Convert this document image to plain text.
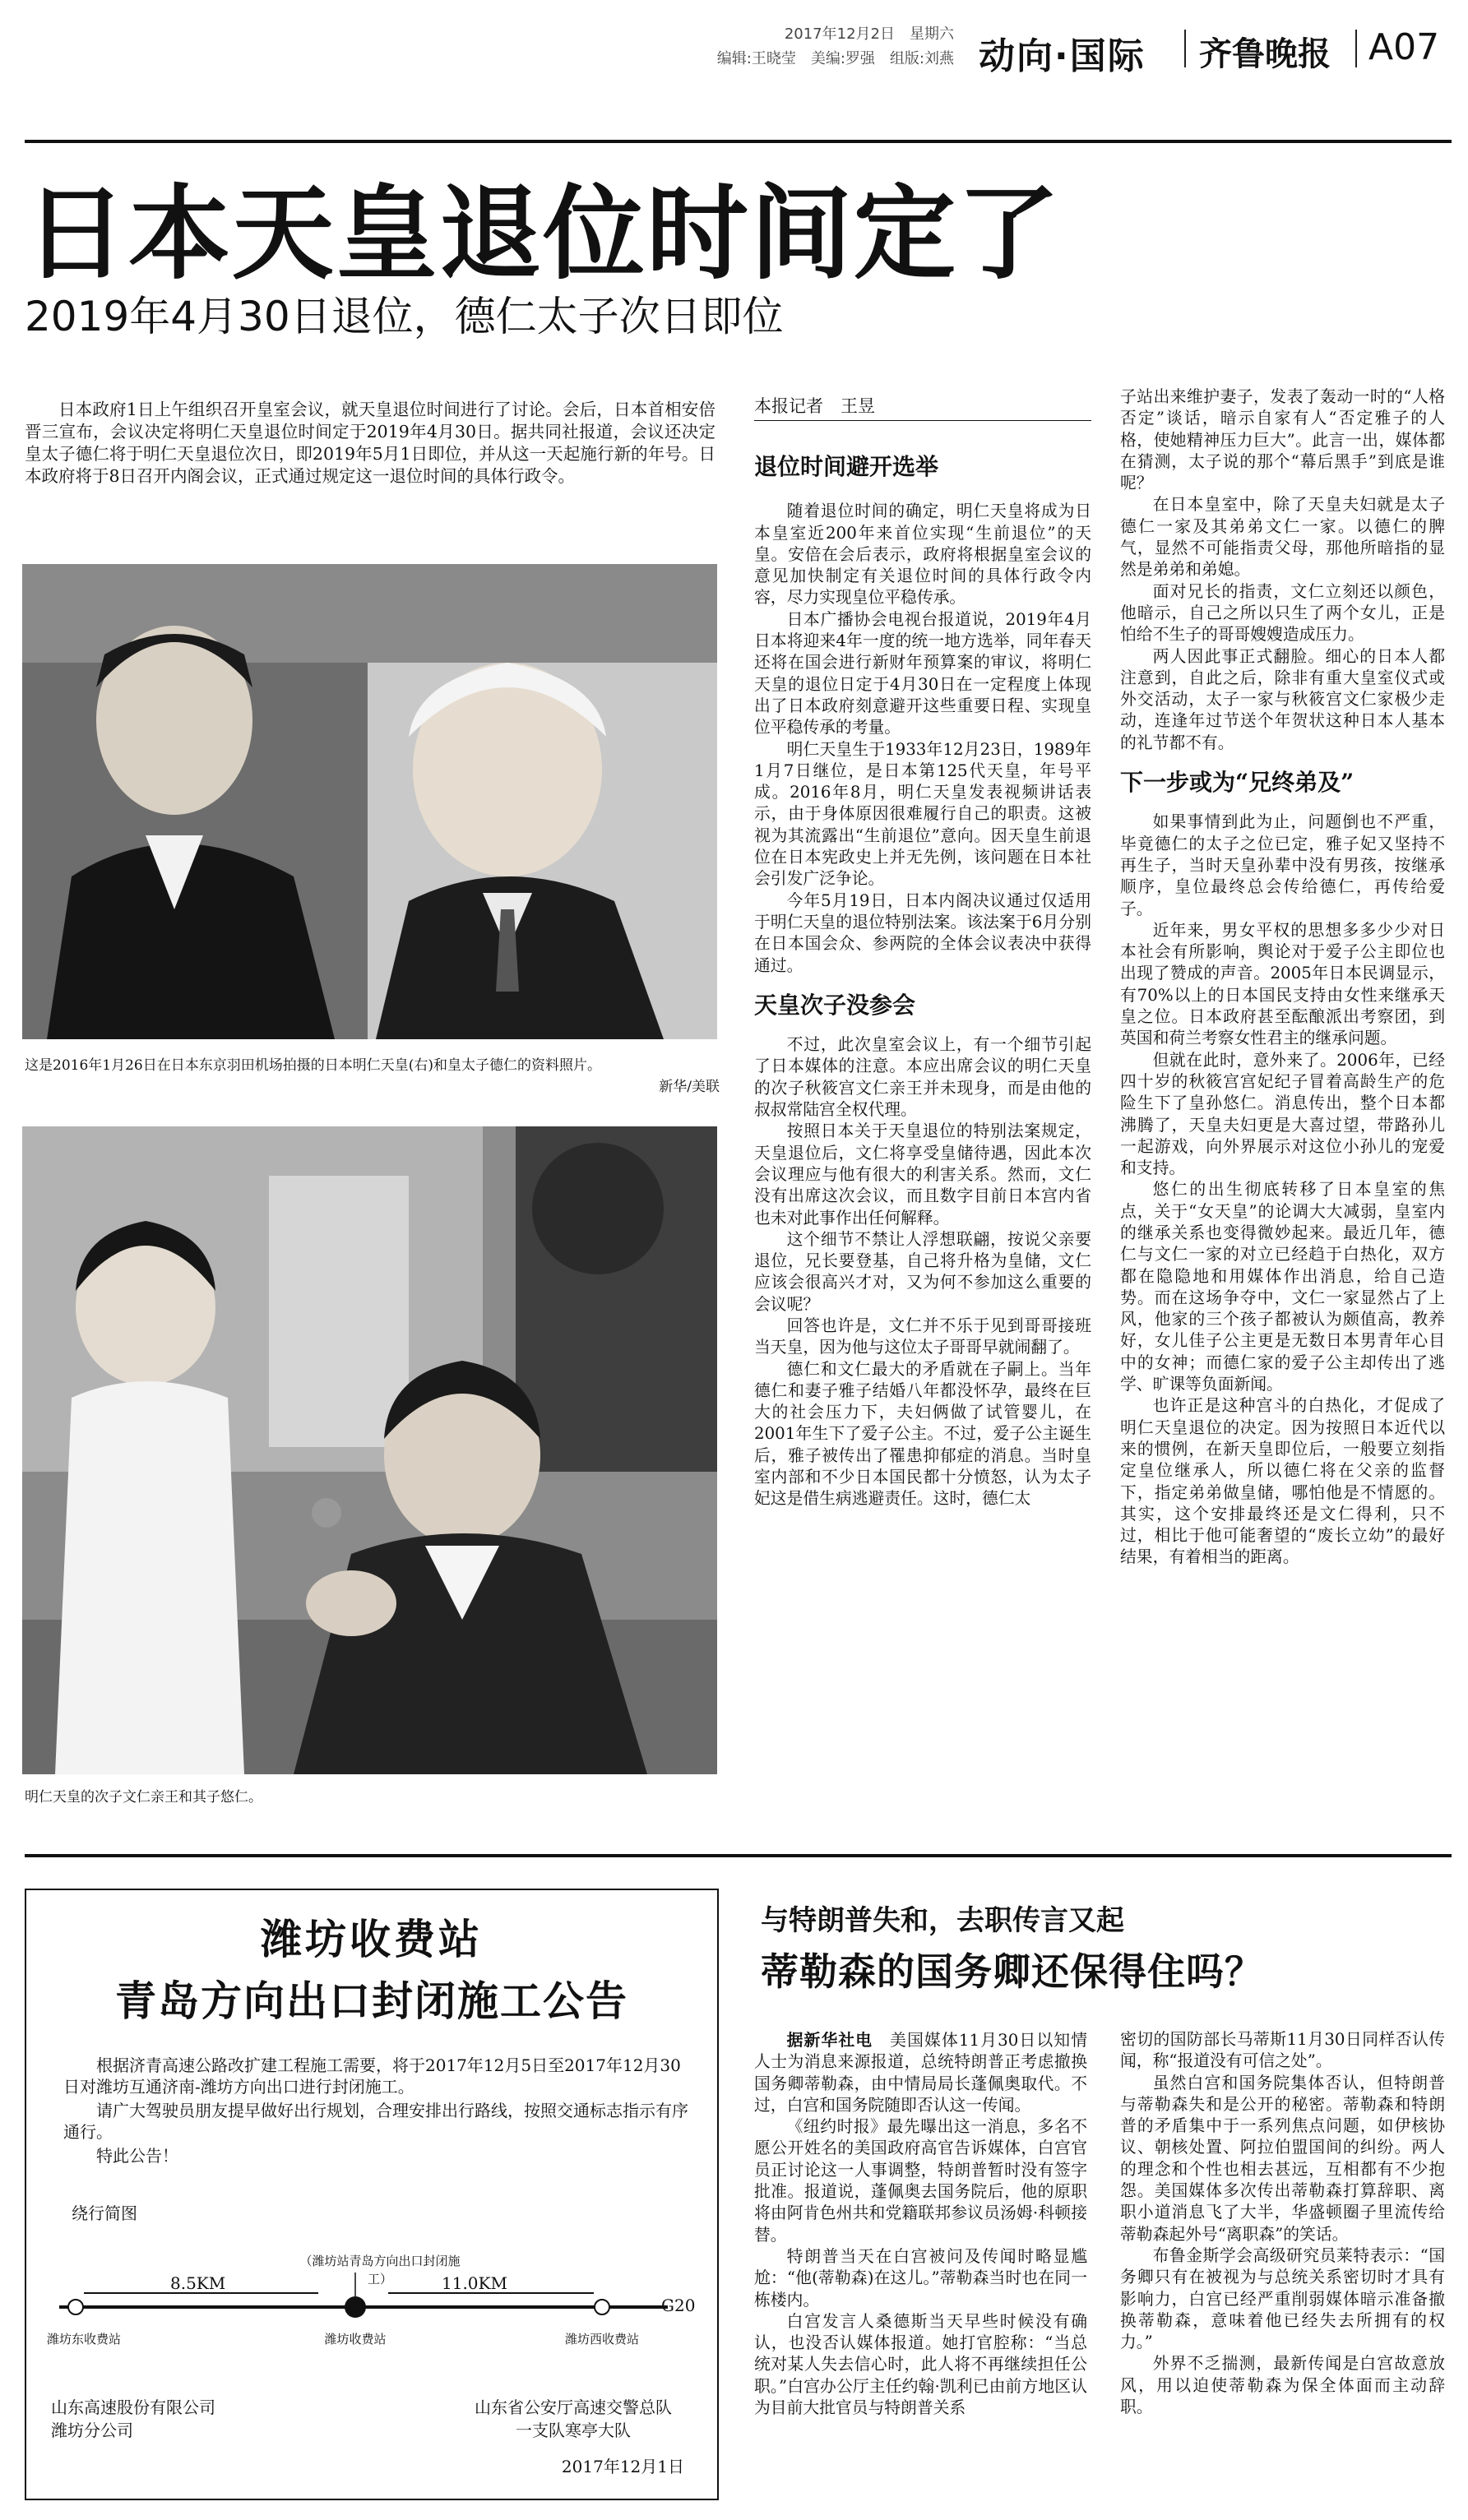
2017年12月2日　星期六
编辑:王晓莹　美编:罗强　组版:刘燕 动向·国际 齐鲁晚报 A07
日本天皇退位时间定了
2019年4月30日退位，德仁太子次日即位
日本政府1日上午组织召开皇室会议，就天皇退位时间进行了讨论。会后，日本首相安倍晋三宣布，会议决定将明仁天皇退位时间定于2019年4月30日。据共同社报道，会议还决定皇太子德仁将于明仁天皇退位次日，即2019年5月1日即位，并从这一天起施行新的年号。日本政府将于8日召开内阁会议，正式通过规定这一退位时间的具体行政令。
这是2016年1月26日在日本东京羽田机场拍摄的日本明仁天皇(右)和皇太子德仁的资料照片。
新华/美联
明仁天皇的次子文仁亲王和其子悠仁。
本报记者　王昱
退位时间避开选举

随着退位时间的确定，明仁天皇将成为日本皇室近200年来首位实现“生前退位”的天皇。安倍在会后表示，政府将根据皇室会议的意见加快制定有关退位时间的具体行政令内容，尽力实现皇位平稳传承。

日本广播协会电视台报道说，2019年4月日本将迎来4年一度的统一地方选举，同年春天还将在国会进行新财年预算案的审议，将明仁天皇的退位日定于4月30日在一定程度上体现出了日本政府刻意避开这些重要日程、实现皇位平稳传承的考量。

明仁天皇生于1933年12月23日，1989年1月7日继位，是日本第125代天皇，年号平成。2016年8月，明仁天皇发表视频讲话表示，由于身体原因很难履行自己的职责。这被视为其流露出“生前退位”意向。因天皇生前退位在日本宪政史上并无先例，该问题在日本社会引发广泛争论。

今年5月19日，日本内阁决议通过仅适用于明仁天皇的退位特别法案。该法案于6月分别在日本国会众、参两院的全体会议表决中获得通过。

天皇次子没参会

不过，此次皇室会议上，有一个细节引起了日本媒体的注意。本应出席会议的明仁天皇的次子秋筱宫文仁亲王并未现身，而是由他的叔叔常陆宫全权代理。

按照日本关于天皇退位的特别法案规定，天皇退位后，文仁将享受皇储待遇，因此本次会议理应与他有很大的利害关系。然而，文仁没有出席这次会议，而且数字目前日本宫内省也未对此事作出任何解释。

这个细节不禁让人浮想联翩，按说父亲要退位，兄长要登基，自己将升格为皇储，文仁应该会很高兴才对，又为何不参加这么重要的会议呢？

回答也许是，文仁并不乐于见到哥哥接班当天皇，因为他与这位太子哥哥早就闹翻了。

德仁和文仁最大的矛盾就在子嗣上。当年德仁和妻子雅子结婚八年都没怀孕，最终在巨大的社会压力下，夫妇俩做了试管婴儿，在2001年生下了爱子公主。不过，爱子公主诞生后，雅子被传出了罹患抑郁症的消息。当时皇室内部和不少日本国民都十分愤怒，认为太子妃这是借生病逃避责任。这时，德仁太

子站出来维护妻子，发表了轰动一时的“人格否定”谈话，暗示自家有人“否定雅子的人格，使她精神压力巨大”。此言一出，媒体都在猜测，太子说的那个“幕后黑手”到底是谁呢？

在日本皇室中，除了天皇夫妇就是太子德仁一家及其弟弟文仁一家。以德仁的脾气，显然不可能指责父母，那他所暗指的显然是弟弟和弟媳。

面对兄长的指责，文仁立刻还以颜色，他暗示，自己之所以只生了两个女儿，正是怕给不生子的哥哥嫂嫂造成压力。

两人因此事正式翻脸。细心的日本人都注意到，自此之后，除非有重大皇室仪式或外交活动，太子一家与秋筱宫文仁家极少走动，连逢年过节送个年贺状这种日本人基本的礼节都不有。

下一步或为“兄终弟及”

如果事情到此为止，问题倒也不严重，毕竟德仁的太子之位已定，雅子妃又坚持不再生子，当时天皇孙辈中没有男孩，按继承顺序，皇位最终总会传给德仁，再传给爱子。

近年来，男女平权的思想多多少少对日本社会有所影响，舆论对于爱子公主即位也出现了赞成的声音。2005年日本民调显示，有70%以上的日本国民支持由女性来继承天皇之位。日本政府甚至酝酿派出考察团，到英国和荷兰考察女性君主的继承问题。

但就在此时，意外来了。2006年，已经四十岁的秋筱宫宫妃纪子冒着高龄生产的危险生下了皇孙悠仁。消息传出，整个日本都沸腾了，天皇夫妇更是大喜过望，带路孙儿一起游戏，向外界展示对这位小孙儿的宠爱和支持。

悠仁的出生彻底转移了日本皇室的焦点，关于“女天皇”的论调大大减弱，皇室内的继承关系也变得微妙起来。最近几年，德仁与文仁一家的对立已经趋于白热化，双方都在隐隐地和用媒体作出消息，给自己造势。而在这场争夺中，文仁一家显然占了上风，他家的三个孩子都被认为颇值高，教养好，女儿佳子公主更是无数日本男青年心目中的女神；而德仁家的爱子公主却传出了逃学、旷课等负面新闻。

也许正是这种宫斗的白热化，才促成了明仁天皇退位的决定。因为按照日本近代以来的惯例，在新天皇即位后，一般要立刻指定皇位继承人，所以德仁将在父亲的监督下，指定弟弟做皇储，哪怕他是不情愿的。其实，这个安排最终还是文仁得利，只不过，相比于他可能奢望的“废长立幼”的最好结果，有着相当的距离。

潍坊收费站
青岛方向出口封闭施工公告
根据济青高速公路改扩建工程施工需要，将于2017年12月5日至2017年12月30日对潍坊互通济南-潍坊方向出口进行封闭施工。
请广大驾驶员朋友提早做好出行规划，合理安排出行路线，按照交通标志指示有序通行。
特此公告！
绕行简图
（潍坊站青岛方向出口封闭施工）
8.5KM	11.0KM
G20
潍坊东收费站	潍坊收费站	潍坊西收费站
山东高速股份有限公司
潍坊分公司
山东省公安厅高速交警总队
一支队寒亭大队
2017年12月1日
与特朗普失和，去职传言又起
蒂勒森的国务卿还保得住吗？

据新华社电　 美国媒体11月30日以知情人士为消息来源报道，总统特朗普正考虑撤换国务卿蒂勒森，由中情局局长蓬佩奥取代。不过，白宫和国务院随即否认这一传闻。

《纽约时报》最先曝出这一消息，多名不愿公开姓名的美国政府高官告诉媒体，白宫官员正讨论这一人事调整，特朗普暂时没有签字批准。报道说，蓬佩奥去国务院后，他的原职将由阿肯色州共和党籍联邦参议员汤姆·科顿接替。

特朗普当天在白宫被问及传闻时略显尴尬：“他(蒂勒森)在这儿。”蒂勒森当时也在同一栋楼内。

白宫发言人桑德斯当天早些时候没有确认，也没否认媒体报道。她打官腔称：“当总统对某人失去信心时，此人将不再继续担任公职。”白宫办公厅主任约翰·凯利已由前方地区认为目前大批官员与特朗普关系

密切的国防部长马蒂斯11月30日同样否认传闻，称“报道没有可信之处”。

虽然白宫和国务院集体否认，但特朗普与蒂勒森失和是公开的秘密。蒂勒森和特朗普的矛盾集中于一系列焦点问题，如伊核协议、朝核处置、阿拉伯盟国间的纠纷。两人的理念和个性也相去甚远，互相都有不少抱怨。美国媒体多次传出蒂勒森打算辞职、离职小道消息飞了大半，华盛顿圈子里流传给蒂勒森起外号“离职森”的笑话。

布鲁金斯学会高级研究员莱特表示：“国务卿只有在被视为与总统关系密切时才具有影响力，白宫已经严重削弱媒体暗示准备撤换蒂勒森，意味着他已经失去所拥有的权力。”

外界不乏揣测，最新传闻是白宫故意放风，用以迫使蒂勒森为保全体面而主动辞职。
